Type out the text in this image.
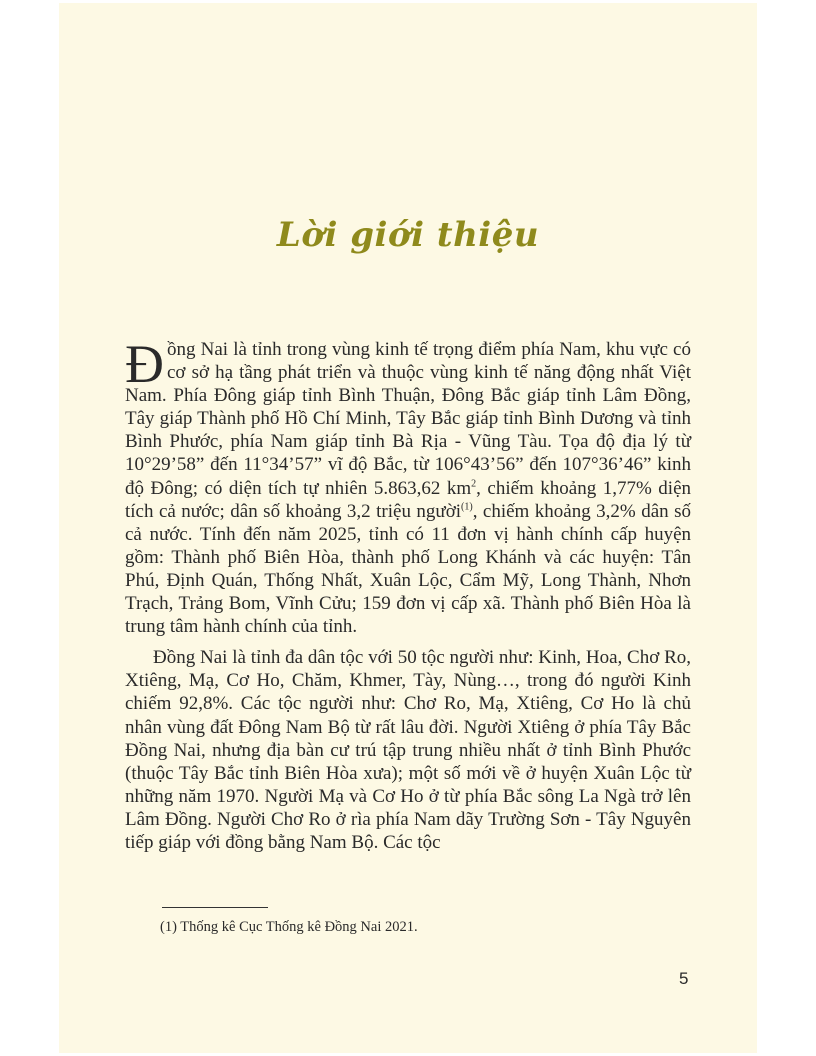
Lời giới thiệu

Đồng Nai là tỉnh trong vùng kinh tế trọng điểm phía Nam, khu vực có cơ sở hạ tầng phát triển và thuộc vùng kinh tế năng động nhất Việt Nam. Phía Đông giáp tỉnh Bình Thuận, Đông Bắc giáp tỉnh Lâm Đồng, Tây giáp Thành phố Hồ Chí Minh, Tây Bắc giáp tỉnh Bình Dương và tỉnh Bình Phước, phía Nam giáp tỉnh Bà Rịa - Vũng Tàu. Tọa độ địa lý từ 10°29’58” đến 11°34’57” vĩ độ Bắc, từ 106°43’56” đến 107°36’46” kinh độ Đông; có diện tích tự nhiên 5.863,62 $km^2$, chiếm khoảng 1,77% diện tích cả nước; dân số khoảng 3,2 triệu người$^{(1)}$, chiếm khoảng 3,2% dân số cả nước. Tính đến năm 2025, tỉnh có 11 đơn vị hành chính cấp huyện gồm: Thành phố Biên Hòa, thành phố Long Khánh và các huyện: Tân Phú, Định Quán, Thống Nhất, Xuân Lộc, Cẩm Mỹ, Long Thành, Nhơn Trạch, Trảng Bom, Vĩnh Cửu; 159 đơn vị cấp xã. Thành phố Biên Hòa là trung tâm hành chính của tỉnh.

Đồng Nai là tỉnh đa dân tộc với 50 tộc người như: Kinh, Hoa, Chơ Ro, Xtiêng, Mạ, Cơ Ho, Chăm, Khmer, Tày, Nùng…, trong đó người Kinh chiếm 92,8%. Các tộc người như: Chơ Ro, Mạ, Xtiêng, Cơ Ho là chủ nhân vùng đất Đông Nam Bộ từ rất lâu đời. Người Xtiêng ở phía Tây Bắc Đồng Nai, nhưng địa bàn cư trú tập trung nhiều nhất ở tỉnh Bình Phước (thuộc Tây Bắc tỉnh Biên Hòa xưa); một số mới về ở huyện Xuân Lộc từ những năm 1970. Người Mạ và Cơ Ho ở từ phía Bắc sông La Ngà trở lên Lâm Đồng. Người Chơ Ro ở rìa phía Nam dãy Trường Sơn - Tây Nguyên tiếp giáp với đồng bằng Nam Bộ. Các tộc

(1) Thống kê Cục Thống kê Đồng Nai 2021.
5
